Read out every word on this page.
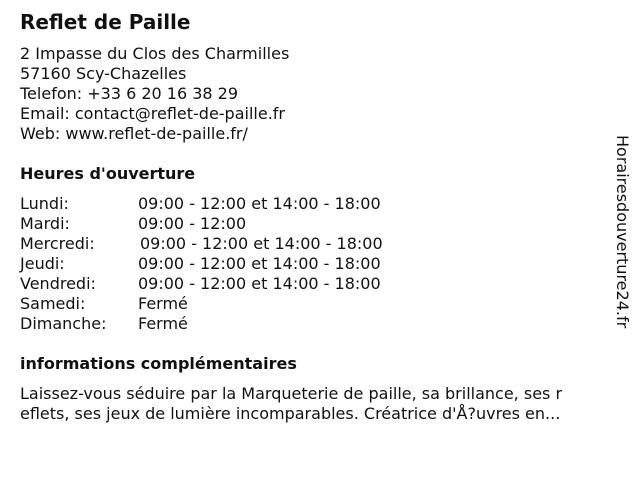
Reflet de Paille
2 Impasse du Clos des Charmilles
57160 Scy-Chazelles
Telefon: +33 6 20 16 38 29
Email: contact@reflet-de-paille.fr
Web: www.reflet-de-paille.fr/
Heures d'ouverture
Lundi:	09:00 - 12:00 et 14:00 - 18:00
Mardi:	09:00 - 12:00
Mercredi:	09:00 - 12:00 et 14:00 - 18:00
Jeudi:	09:00 - 12:00 et 14:00 - 18:00
Vendredi:	09:00 - 12:00 et 14:00 - 18:00
Samedi:	Fermé
Dimanche:	Fermé
informations complémentaires
Laissez-vous séduire par la Marqueterie de paille, sa brillance, ses r
eflets, ses jeux de lumière incomparables. Créatrice d'Å?uvres en...
Horairesdouverture24.fr
